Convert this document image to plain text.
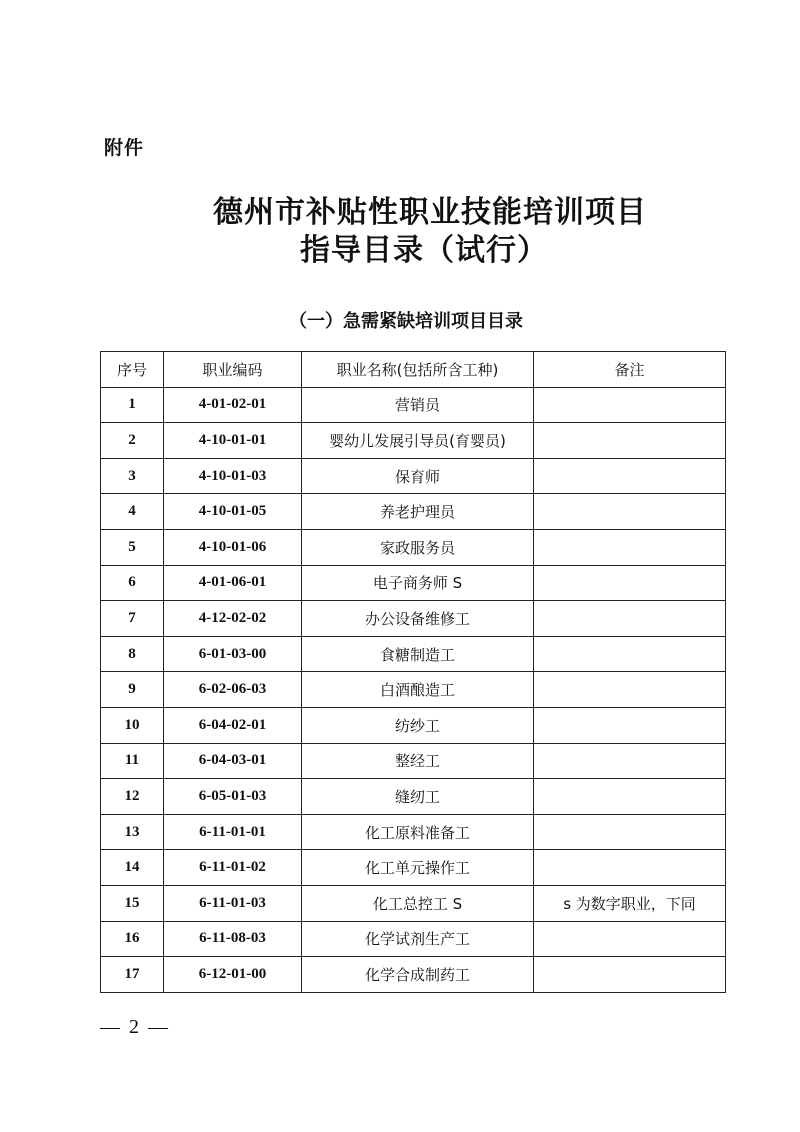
附件
德州市补贴性职业技能培训项目
指导目录（试行）
（一）急需紧缺培训项目目录
序号	职业编码	职业名称(包括所含工种)	备注
1	4-01-02-01	营销员	
2	4-10-01-01	婴幼儿发展引导员(育婴员)	
3	4-10-01-03	保育师	
4	4-10-01-05	养老护理员	
5	4-10-01-06	家政服务员	
6	4-01-06-01	电子商务师 S	
7	4-12-02-02	办公设备维修工	
8	6-01-03-00	食糖制造工	
9	6-02-06-03	白酒酿造工	
10	6-04-02-01	纺纱工	
11	6-04-03-01	整经工	
12	6-05-01-03	缝纫工	
13	6-11-01-01	化工原料准备工	
14	6-11-01-02	化工单元操作工	
15	6-11-01-03	化工总控工 S	s 为数字职业，下同
16	6-11-08-03	化学试剂生产工	
17	6-12-01-00	化学合成制药工	
— 2 —
